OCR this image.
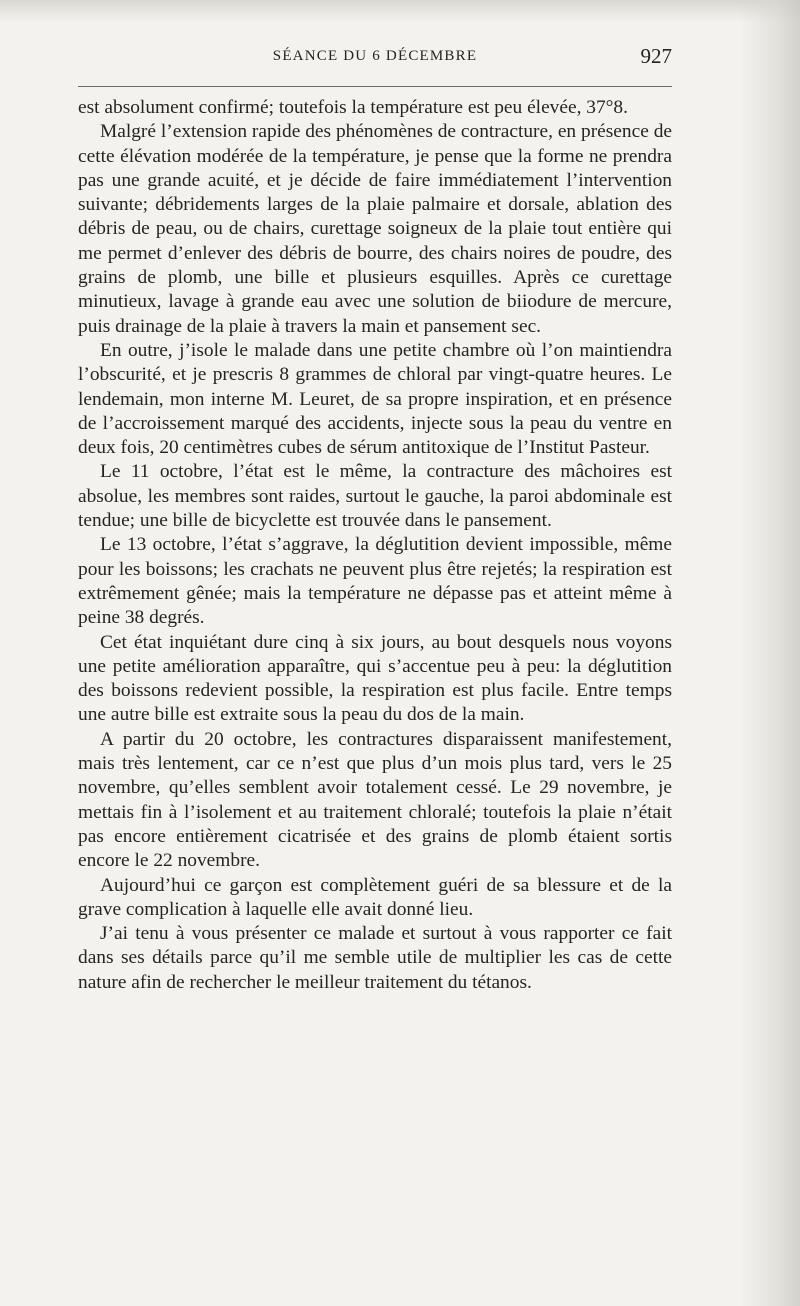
SÉANCE DU 6 DÉCEMBRE	927

est absolument confirmé; toutefois la température est peu élevée, 37°8.

Malgré l’extension rapide des phénomènes de contracture, en présence de cette élévation modérée de la température, je pense que la forme ne prendra pas une grande acuité, et je décide de faire immédiatement l’intervention suivante; débridements larges de la plaie palmaire et dorsale, ablation des débris de peau, ou de chairs, curettage soigneux de la plaie tout entière qui me permet d’enlever des débris de bourre, des chairs noires de poudre, des grains de plomb, une bille et plusieurs esquilles. Après ce curettage minutieux, lavage à grande eau avec une solution de biiodure de mercure, puis drainage de la plaie à travers la main et pansement sec.

En outre, j’isole le malade dans une petite chambre où l’on maintiendra l’obscurité, et je prescris 8 grammes de chloral par vingt-quatre heures. Le lendemain, mon interne M. Leuret, de sa propre inspiration, et en présence de l’accroissement marqué des accidents, injecte sous la peau du ventre en deux fois, 20 centimètres cubes de sérum antitoxique de l’Institut Pasteur.

Le 11 octobre, l’état est le même, la contracture des mâchoires est absolue, les membres sont raides, surtout le gauche, la paroi abdominale est tendue; une bille de bicyclette est trouvée dans le pansement.

Le 13 octobre, l’état s’aggrave, la déglutition devient impossible, même pour les boissons; les crachats ne peuvent plus être rejetés; la respiration est extrêmement gênée; mais la température ne dépasse pas et atteint même à peine 38 degrés.

Cet état inquiétant dure cinq à six jours, au bout desquels nous voyons une petite amélioration apparaître, qui s’accentue peu à peu: la déglutition des boissons redevient possible, la respiration est plus facile. Entre temps une autre bille est extraite sous la peau du dos de la main.

A partir du 20 octobre, les contractures disparaissent manifestement, mais très lentement, car ce n’est que plus d’un mois plus tard, vers le 25 novembre, qu’elles semblent avoir totalement cessé. Le 29 novembre, je mettais fin à l’isolement et au traitement chloralé; toutefois la plaie n’était pas encore entièrement cicatrisée et des grains de plomb étaient sortis encore le 22 novembre.

Aujourd’hui ce garçon est complètement guéri de sa blessure et de la grave complication à laquelle elle avait donné lieu.

J’ai tenu à vous présenter ce malade et surtout à vous rapporter ce fait dans ses détails parce qu’il me semble utile de multiplier les cas de cette nature afin de rechercher le meilleur traitement du tétanos.
